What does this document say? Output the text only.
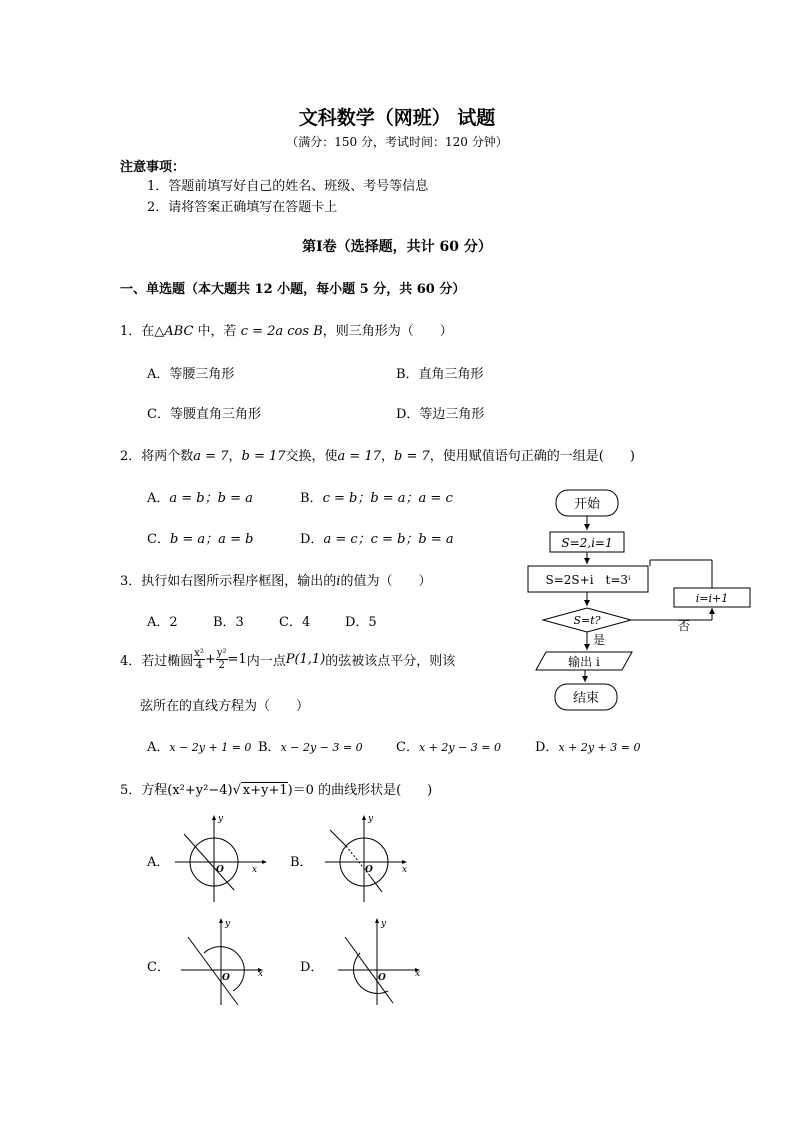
文科数学（网班） 试题
（满分：150 分，考试时间：120 分钟）
注意事项：
1．答题前填写好自己的姓名、班级、考号等信息
2．请将答案正确填写在答题卡上
第Ⅰ卷（选择题，共计 60 分）
一、单选题（本大题共 12 小题，每小题 5 分，共 60 分）
1．在△ABC 中，若 c = 2a cos B，则三角形为（　　）
A．等腰三角形	B．直角三角形
C．等腰直角三角形	D．等边三角形
2．将两个数a = 7，b = 17交换，使a = 17，b = 7，使用赋值语句正确的一组是(　　)
A．a = b；b = a	B．c = b；b = a；a = c
C．b = a；a = b	D．a = c；c = b；b = a
3．执行如右图所示程序框图，输出的i的值为（　　）
A．2	B．3	C．4	D．5
4．若过椭圆 $\frac{\text{x²}}{4} + \frac{\text{y²}}{2} =1$内一点P(1,1)的弦被该点平分，则该
弦所在的直线方程为（　　）
A．x − 2y + 1 = 0 B．x − 2y − 3 = 0	C．x + 2y − 3 = 0	D．x + 2y + 3 = 0
5．方程(x²+y²−4)√ x+y+1)＝0 的曲线形状是(　　)
A．	B．
C．	D．
y
x
O
y
x
O
y
x
O
y
x
O
开始
S=2,i=1
S=2S+i　t=3ⁱ
S=t?
是
输出 i
结束
否
i=i+1
